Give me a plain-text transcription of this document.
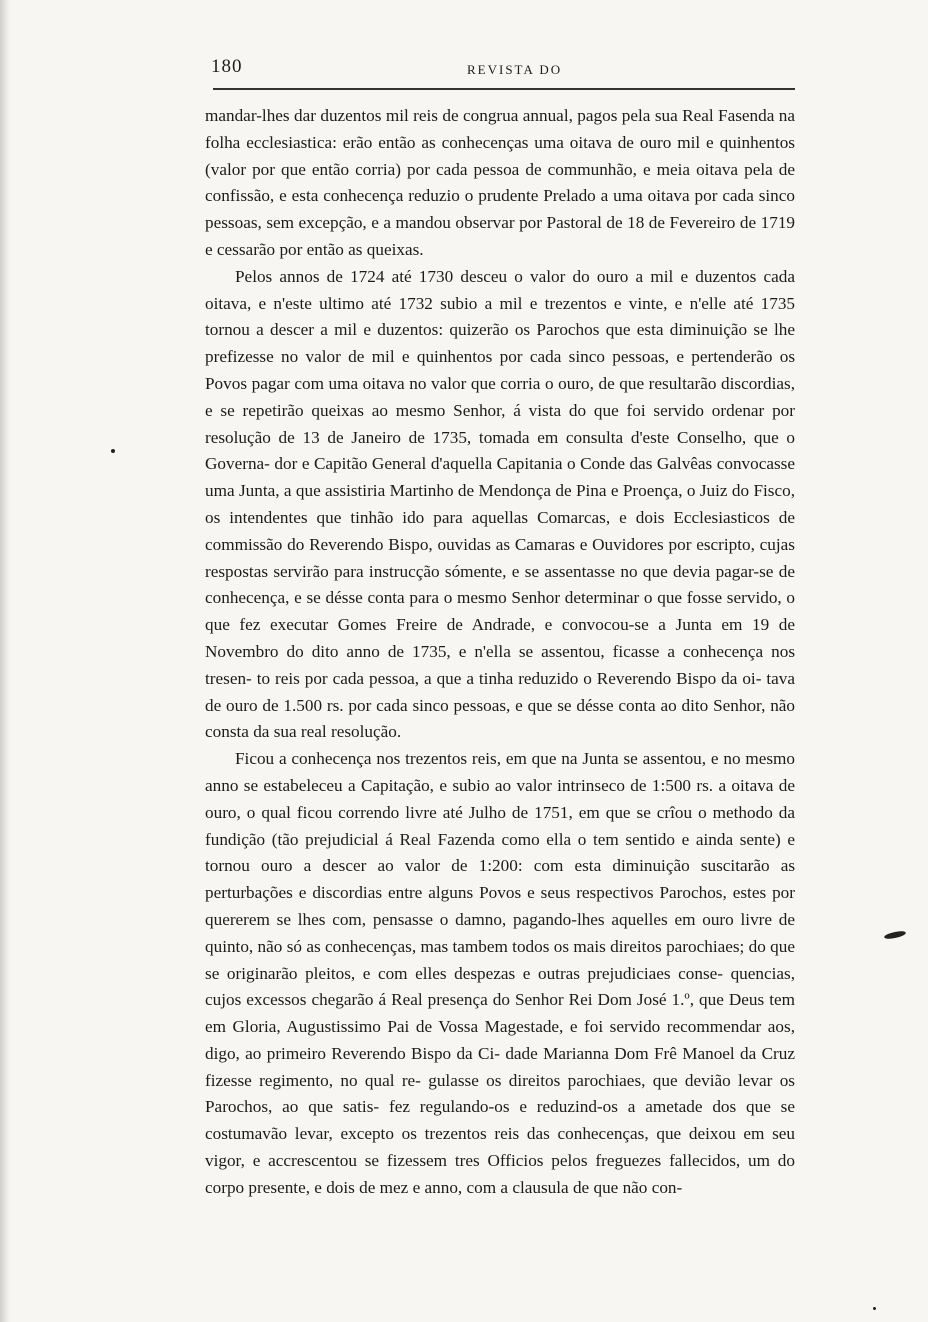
180	REVISTA DO

mandar-lhes dar duzentos mil reis de congrua annual, pagos pela sua Real Fasenda na folha ecclesiastica: erão então as conhecenças uma oitava de ouro mil e quinhentos (valor por que então corria) por cada pessoa de communhão, e meia oitava pela de confissão, e esta conhecença reduzio o prudente Prelado a uma oitava por cada sinco pessoas, sem excepção, e a mandou observar por Pastoral de 18 de Fevereiro de 1719 e cessarão por então as queixas.

Pelos annos de 1724 até 1730 desceu o valor do ouro a mil e duzentos cada oitava, e n'este ultimo até 1732 subio a mil e trezentos e vinte, e n'elle até 1735 tornou a descer a mil e duzentos: quizerão os Parochos que esta diminuição se lhe prefizesse no valor de mil e quinhentos por cada sinco pessoas, e pertenderão os Povos pagar com uma oitava no valor que corria o ouro, de que resultarão discordias, e se repetirão queixas ao mesmo Senhor, á vista do que foi servido ordenar por resolução de 13 de Janeiro de 1735, tomada em consulta d'este Conselho, que o Governa- dor e Capitão General d'aquella Capitania o Conde das Galvêas convocasse uma Junta, a que assistiria Martinho de Mendonça de Pina e Proença, o Juiz do Fisco, os intendentes que tinhão ido para aquellas Comarcas, e dois Ecclesiasticos de commissão do Reverendo Bispo, ouvidas as Camaras e Ouvidores por escripto, cujas respostas servirão para instrucção sómente, e se assentasse no que devia pagar-se de conhecença, e se désse conta para o mesmo Senhor determinar o que fosse servido, o que fez executar Gomes Freire de Andrade, e convocou-se a Junta em 19 de Novembro do dito anno de 1735, e n'ella se assentou, ficasse a conhecença nos tresen- to reis por cada pessoa, a que a tinha reduzido o Reverendo Bispo da oi- tava de ouro de 1.500 rs. por cada sinco pessoas, e que se désse conta ao dito Senhor, não consta da sua real resolução.

Ficou a conhecença nos trezentos reis, em que na Junta se assentou, e no mesmo anno se estabeleceu a Capitação, e subio ao valor intrinseco de 1:500 rs. a oitava de ouro, o qual ficou correndo livre até Julho de 1751, em que se crîou o methodo da fundição (tão prejudicial á Real Fazenda como ella o tem sentido e ainda sente) e tornou ouro a descer ao valor de 1:200: com esta diminuição suscitarão as perturbações e discordias entre alguns Povos e seus respectivos Parochos, estes por quererem se lhes com, pensasse o damno, pagando-lhes aquelles em ouro livre de quinto, não só as conhecenças, mas tambem todos os mais direitos parochiaes; do que se originarão pleitos, e com elles despezas e outras prejudiciaes conse- quencias, cujos excessos chegarão á Real presença do Senhor Rei Dom José 1.º, que Deus tem em Gloria, Augustissimo Pai de Vossa Magestade, e foi servido recommendar aos, digo, ao primeiro Reverendo Bispo da Ci- dade Marianna Dom Frê Manoel da Cruz fizesse regimento, no qual re- gulasse os direitos parochiaes, que devião levar os Parochos, ao que satis- fez regulando-os e reduzind-os a ametade dos que se costumavão levar, excepto os trezentos reis das conhecenças, que deixou em seu vigor, e accrescentou se fizessem tres Officios pelos freguezes fallecidos, um do corpo presente, e dois de mez e anno, com a clausula de que não con-
